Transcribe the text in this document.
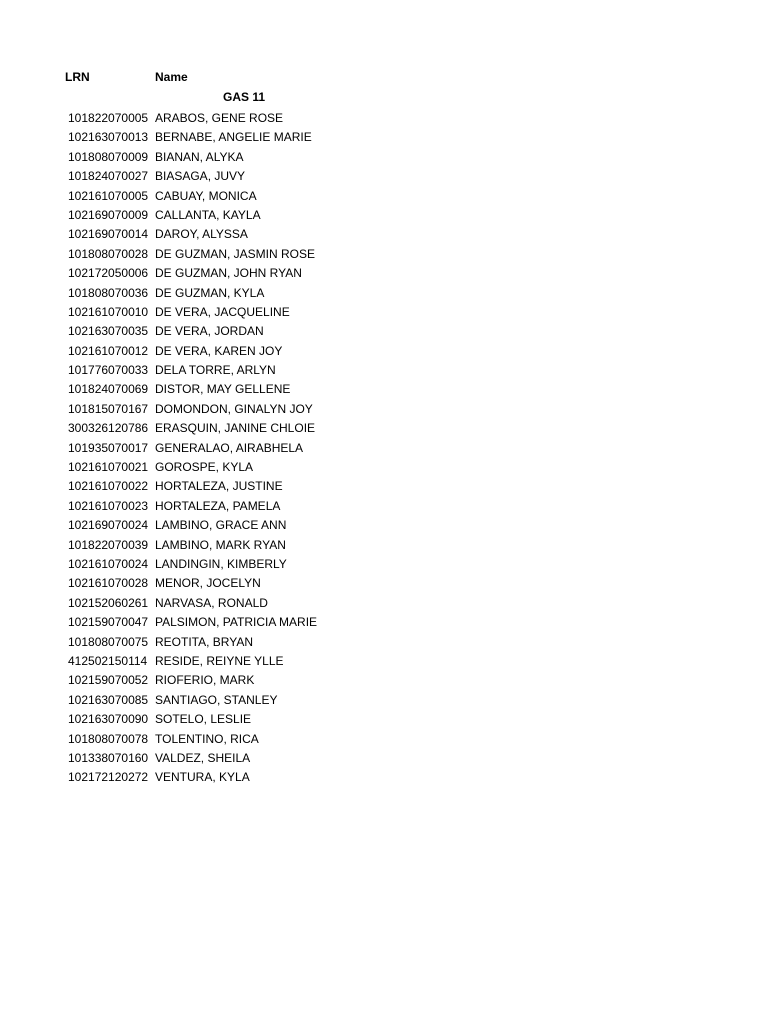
LRN	Name
GAS 11
101822070005 ARABOS, GENE ROSE
102163070013 BERNABE, ANGELIE MARIE
101808070009 BIANAN, ALYKA
101824070027 BIASAGA, JUVY
102161070005 CABUAY, MONICA
102169070009 CALLANTA, KAYLA
102169070014 DAROY, ALYSSA
101808070028 DE GUZMAN, JASMIN ROSE
102172050006 DE GUZMAN, JOHN RYAN
101808070036 DE GUZMAN, KYLA
102161070010 DE VERA, JACQUELINE
102163070035 DE VERA, JORDAN
102161070012 DE VERA, KAREN JOY
101776070033 DELA TORRE, ARLYN
101824070069 DISTOR, MAY GELLENE
101815070167 DOMONDON, GINALYN JOY
300326120786 ERASQUIN, JANINE CHLOIE
101935070017 GENERALAO, AIRABHELA
102161070021 GOROSPE, KYLA
102161070022 HORTALEZA, JUSTINE
102161070023 HORTALEZA, PAMELA
102169070024 LAMBINO, GRACE ANN
101822070039 LAMBINO, MARK RYAN
102161070024 LANDINGIN, KIMBERLY
102161070028 MENOR, JOCELYN
102152060261 NARVASA, RONALD
102159070047 PALSIMON, PATRICIA MARIE
101808070075 REOTITA, BRYAN
412502150114 RESIDE, REIYNE YLLE
102159070052 RIOFERIO, MARK
102163070085 SANTIAGO, STANLEY
102163070090 SOTELO, LESLIE
101808070078 TOLENTINO, RICA
101338070160 VALDEZ, SHEILA
102172120272 VENTURA, KYLA
